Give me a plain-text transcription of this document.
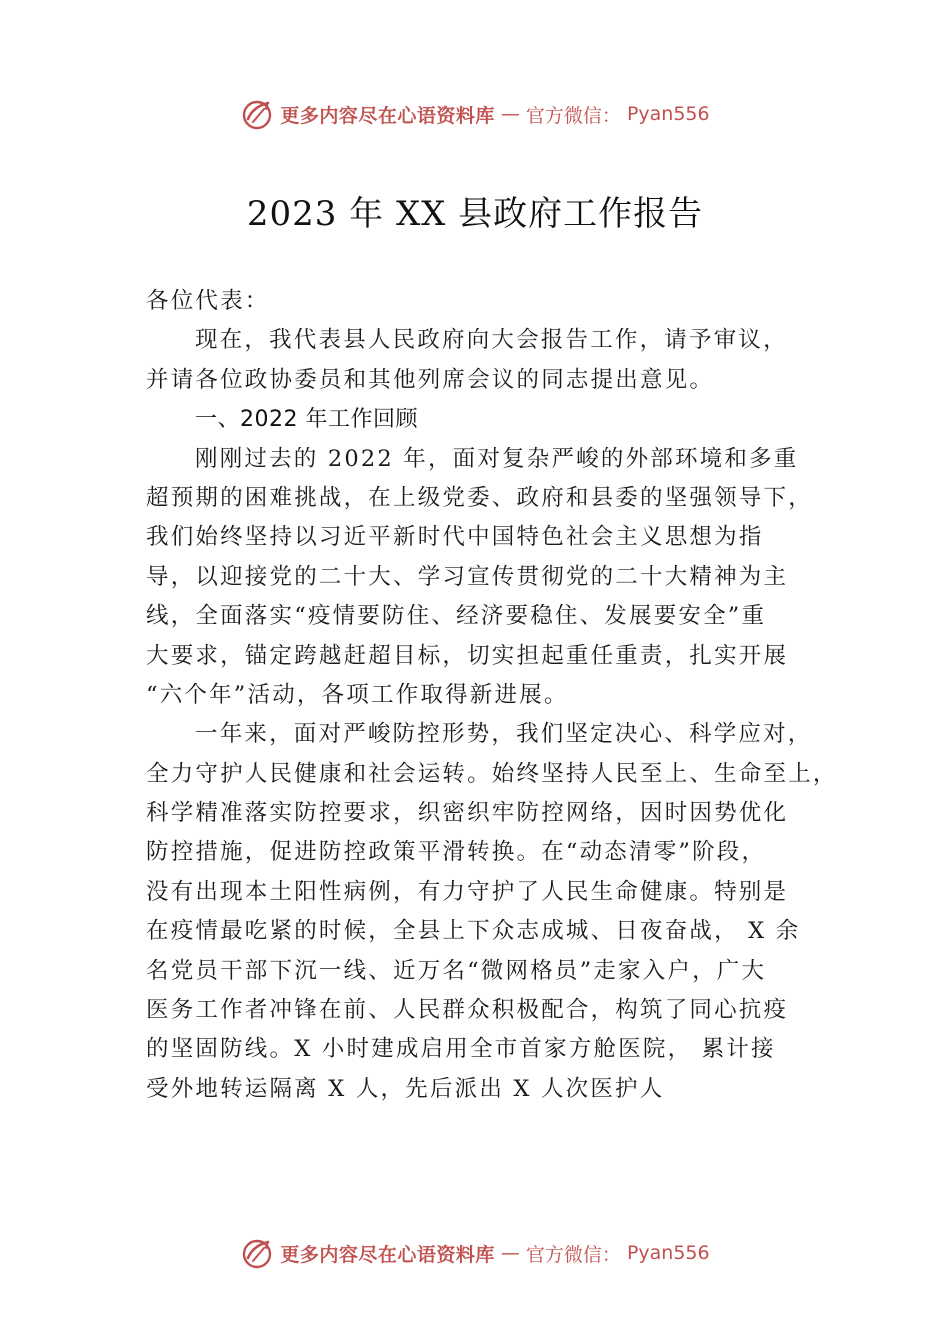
更多内容尽在心语资料库 — 官方微信： Pyan556
2023 年 XX 县政府工作报告
各位代表：
现在，我代表县人民政府向大会报告工作，请予审议，
并请各位政协委员和其他列席会议的同志提出意见。
一、2022 年工作回顾
刚刚过去的 2022 年，面对复杂严峻的外部环境和多重
超预期的困难挑战，在上级党委、政府和县委的坚强领导下，
我们始终坚持以习近平新时代中国特色社会主义思想为指
导，以迎接党的二十大、学习宣传贯彻党的二十大精神为主
线，全面落实“疫情要防住、经济要稳住、发展要安全”重
大要求，锚定跨越赶超目标，切实担起重任重责，扎实开展
“六个年”活动，各项工作取得新进展。
一年来，面对严峻防控形势，我们坚定决心、科学应对，
全力守护人民健康和社会运转。始终坚持人民至上、生命至上，
科学精准落实防控要求，织密织牢防控网络，因时因势优化
防控措施，促进防控政策平滑转换。在“动态清零”阶段，
没有出现本土阳性病例，有力守护了人民生命健康。特别是
在疫情最吃紧的时候，全县上下众志成城、日夜奋战， X 余
名党员干部下沉一线、近万名“微网格员”走家入户，广大
医务工作者冲锋在前、人民群众积极配合，构筑了同心抗疫
的坚固防线。X 小时建成启用全市首家方舱医院， 累计接
受外地转运隔离 X 人，先后派出 X 人次医护人
更多内容尽在心语资料库 — 官方微信： Pyan556
